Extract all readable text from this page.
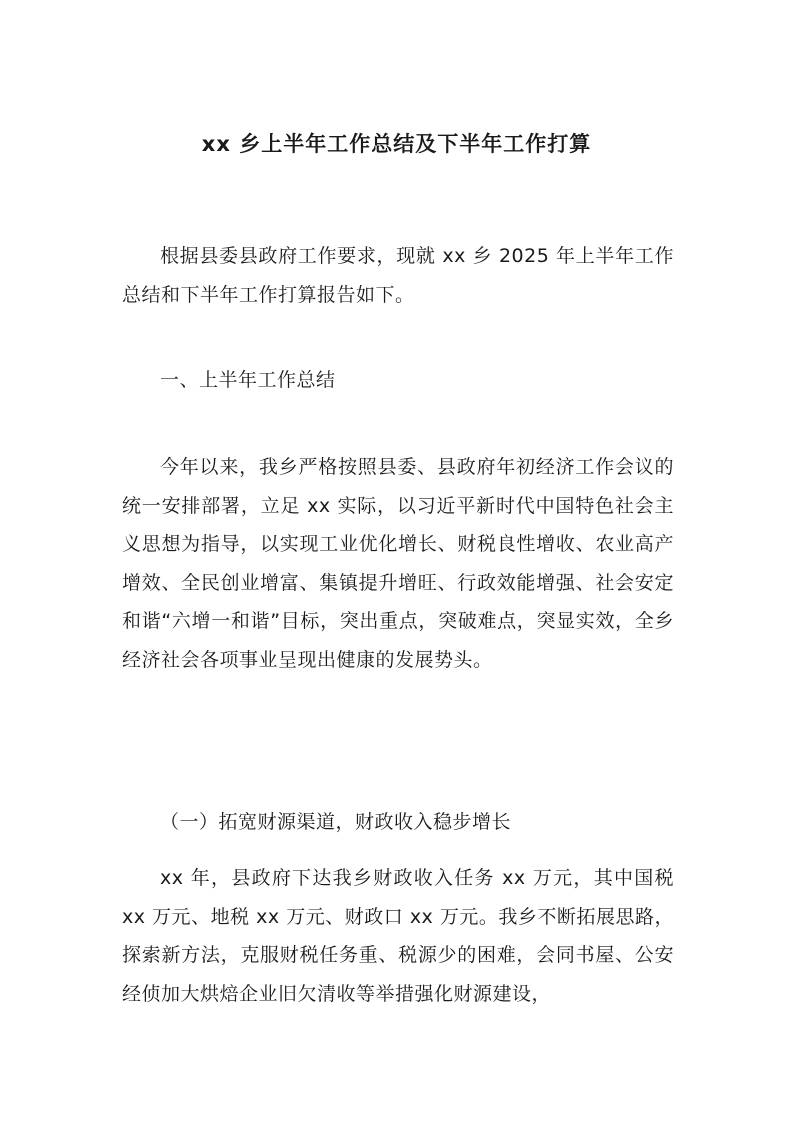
xx 乡上半年工作总结及下半年工作打算

根据县委县政府工作要求，现就 xx 乡 2025 年上半年工作总结和下半年工作打算报告如下。

一、上半年工作总结

今年以来，我乡严格按照县委、县政府年初经济工作会议的统一安排部署，立足 xx 实际，以习近平新时代中国特色社会主义思想为指导，以实现工业优化增长、财税良性增收、农业高产增效、全民创业增富、集镇提升增旺、行政效能增强、社会安定和谐“六增一和谐”目标，突出重点，突破难点，突显实效，全乡经济社会各项事业呈现出健康的发展势头。

（一）拓宽财源渠道，财政收入稳步增长

xx 年，县政府下达我乡财政收入任务 xx 万元，其中国税 xx 万元、地税 xx 万元、财政口 xx 万元。我乡不断拓展思路，探索新方法，克服财税任务重、税源少的困难，会同书屋、公安经侦加大烘焙企业旧欠清收等举措强化财源建设，
